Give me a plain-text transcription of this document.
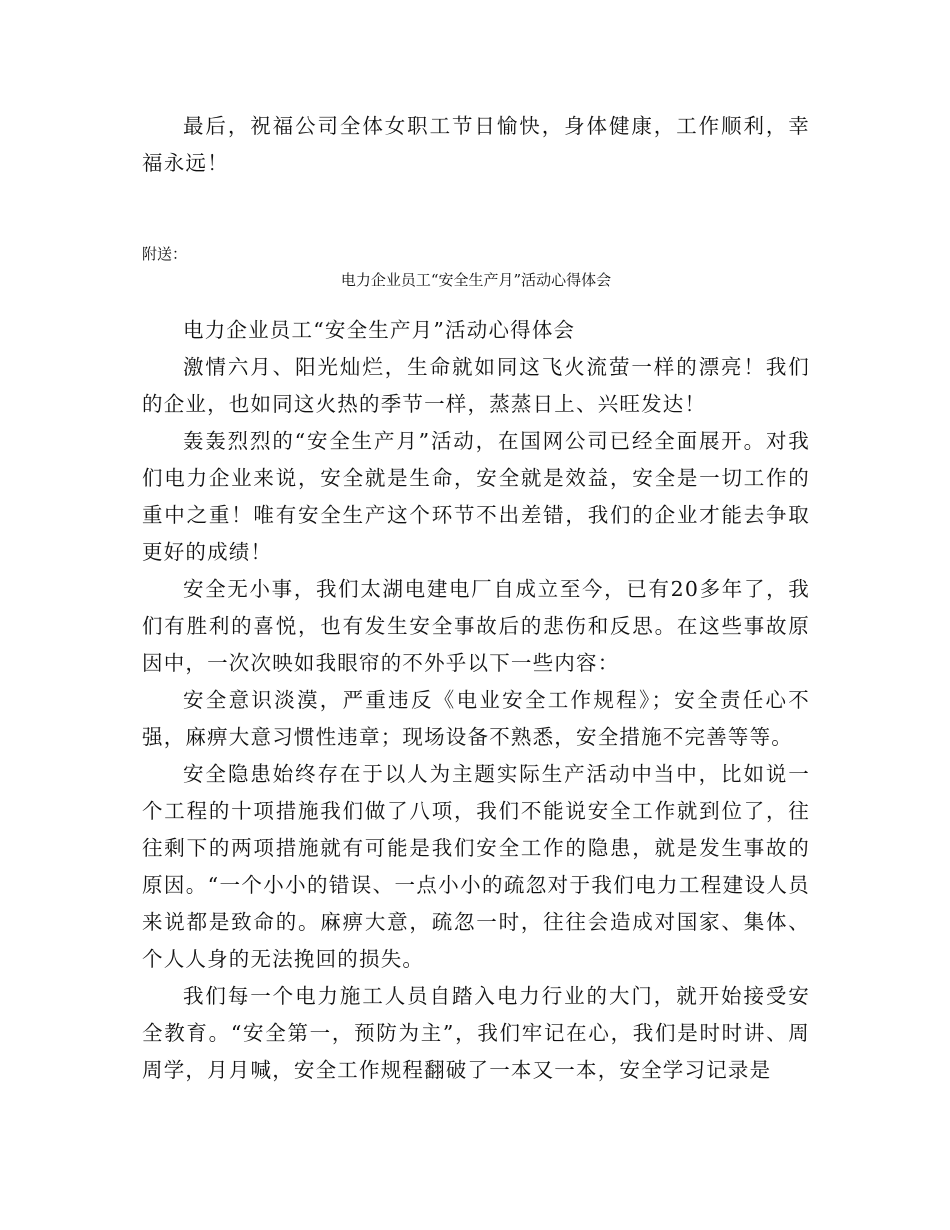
最后，祝福公司全体女职工节日愉快，身体健康，工作顺利，幸福永远！

附送：

电力企业员工“安全生产月”活动心得体会

电力企业员工“安全生产月”活动心得体会

激情六月、阳光灿烂，生命就如同这飞火流萤一样的漂亮！我们的企业，也如同这火热的季节一样，蒸蒸日上、兴旺发达！

轰轰烈烈的“安全生产月”活动，在国网公司已经全面展开。对我们电力企业来说，安全就是生命，安全就是效益，安全是一切工作的重中之重！唯有安全生产这个环节不出差错，我们的企业才能去争取更好的成绩！

安全无小事，我们太湖电建电厂自成立至今，已有20多年了，我们有胜利的喜悦，也有发生安全事故后的悲伤和反思。在这些事故原因中，一次次映如我眼帘的不外乎以下一些内容：

安全意识淡漠，严重违反《电业安全工作规程》；安全责任心不强，麻痹大意习惯性违章；现场设备不熟悉，安全措施不完善等等。

安全隐患始终存在于以人为主题实际生产活动中当中，比如说一个工程的十项措施我们做了八项，我们不能说安全工作就到位了，往往剩下的两项措施就有可能是我们安全工作的隐患，就是发生事故的原因。“一个小小的错误、一点小小的疏忽对于我们电力工程建设人员来说都是致命的。麻痹大意，疏忽一时，往往会造成对国家、集体、个人人身的无法挽回的损失。

我们每一个电力施工人员自踏入电力行业的大门，就开始接受安全教育。“安全第一，预防为主”，我们牢记在心，我们是时时讲、周周学，月月喊，安全工作规程翻破了一本又一本，安全学习记录是
